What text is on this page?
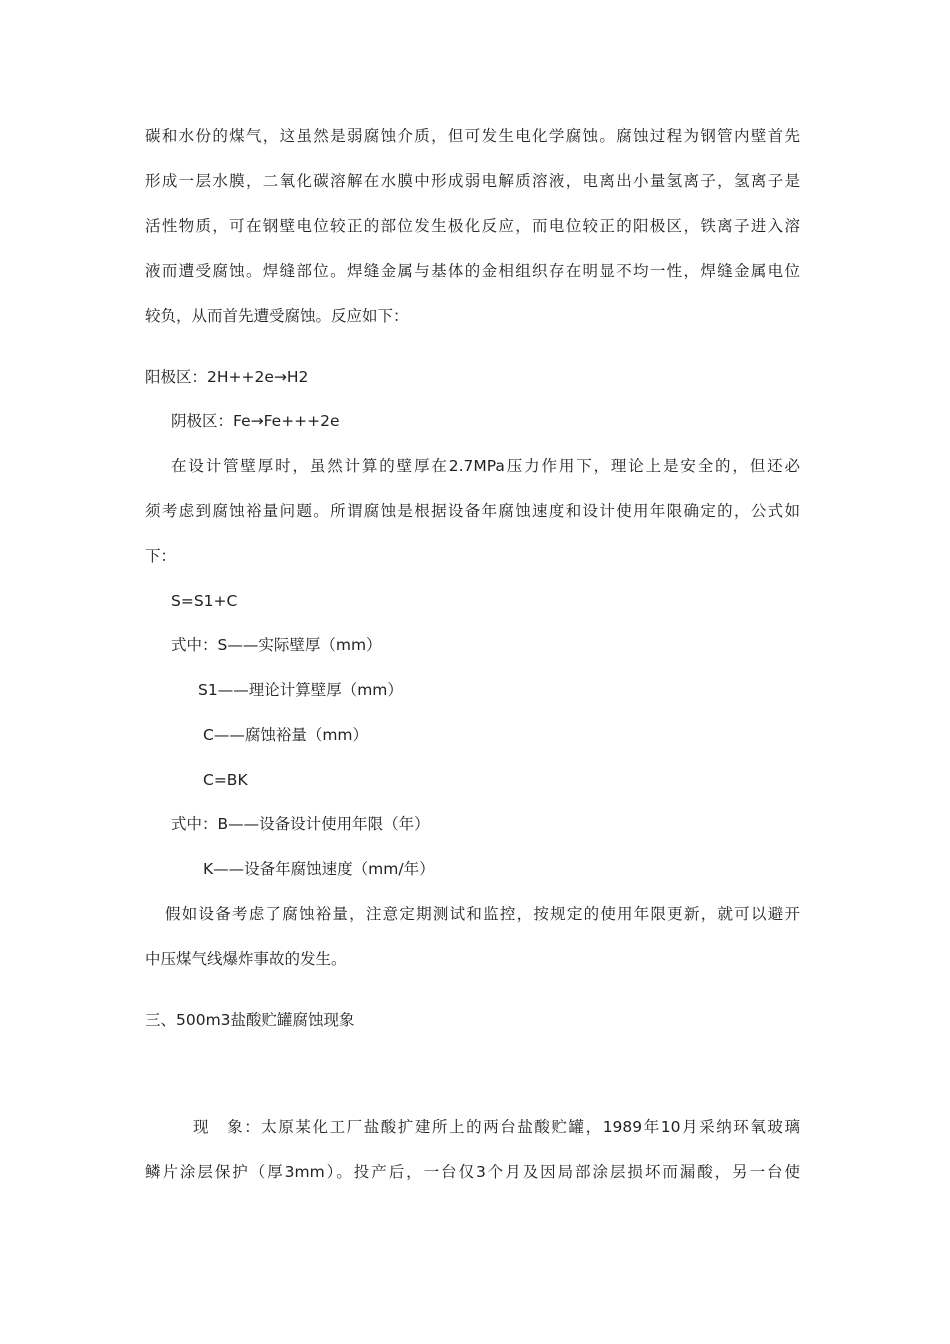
碳和水份的煤气，这虽然是弱腐蚀介质，但可发生电化学腐蚀。腐蚀过程为钢管内壁首先
形成一层水膜，二氧化碳溶解在水膜中形成弱电解质溶液，电离出小量氢离子，氢离子是
活性物质，可在钢壁电位较正的部位发生极化反应，而电位较正的阳极区，铁离子进入溶
液而遭受腐蚀。焊缝部位。焊缝金属与基体的金相组织存在明显不均一性，焊缝金属电位
较负，从而首先遭受腐蚀。反应如下：
阳极区：2H++2e→H2
阴极区：Fe→Fe+++2e
在设计管壁厚时，虽然计算的壁厚在2.7MPa压力作用下，理论上是安全的，但还必
须考虑到腐蚀裕量问题。所谓腐蚀是根据设备年腐蚀速度和设计使用年限确定的，公式如
下：
S=S1+C
式中：S——实际壁厚（mm）
S1——理论计算壁厚（mm）
C——腐蚀裕量（mm）
C=BK
式中：B——设备设计使用年限（年）
K——设备年腐蚀速度（mm/年）
假如设备考虑了腐蚀裕量，注意定期测试和监控，按规定的使用年限更新，就可以避开
中压煤气线爆炸事故的发生。
三、500m3盐酸贮罐腐蚀现象
现　象：太原某化工厂盐酸扩建所上的两台盐酸贮罐，1989年10月采纳环氧玻璃
鳞片涂层保护（厚3mm）。投产后，一台仅3个月及因局部涂层损坏而漏酸，另一台使
